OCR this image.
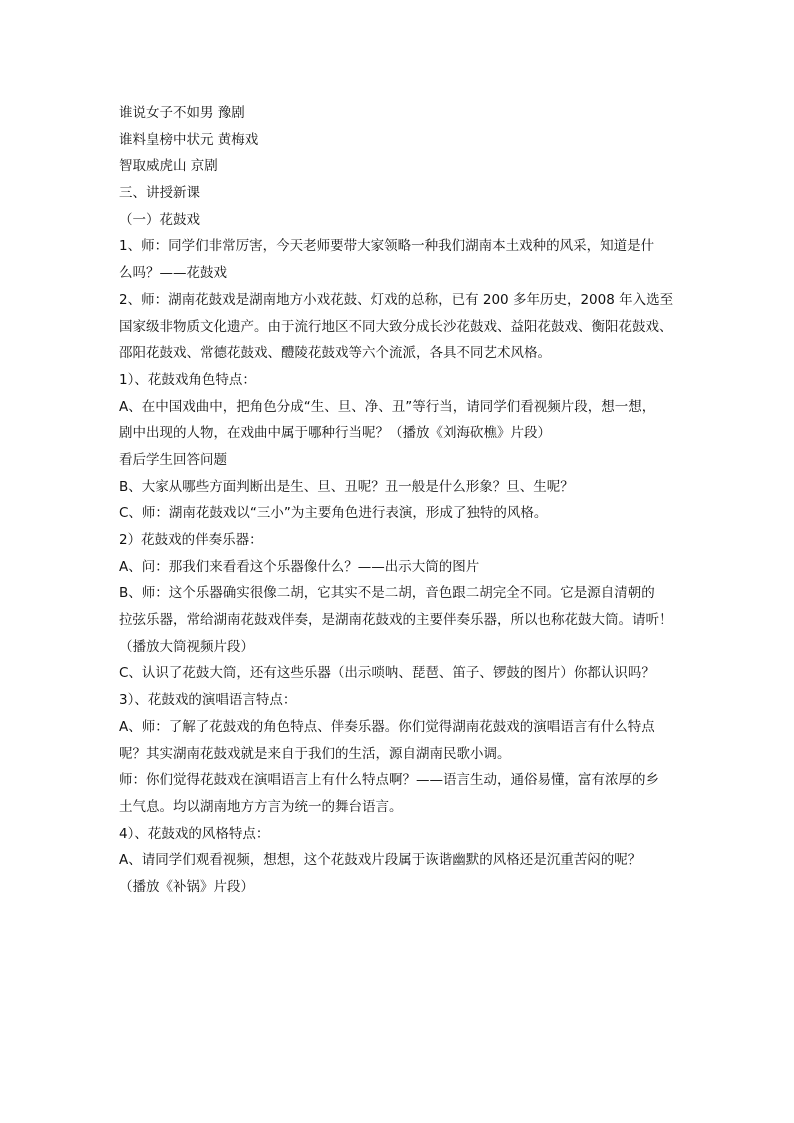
谁说女子不如男 豫剧
谁料皇榜中状元 黄梅戏
智取威虎山 京剧
三、讲授新课
（一）花鼓戏
1、师：同学们非常厉害，今天老师要带大家领略一种我们湖南本土戏种的风采，知道是什
么吗？——花鼓戏
2、师：湖南花鼓戏是湖南地方小戏花鼓、灯戏的总称，已有 200 多年历史，2008 年入选至
国家级非物质文化遗产。由于流行地区不同大致分成长沙花鼓戏、益阳花鼓戏、衡阳花鼓戏、
邵阳花鼓戏、常德花鼓戏、醴陵花鼓戏等六个流派，各具不同艺术风格。
1）、花鼓戏角色特点：
A、在中国戏曲中，把角色分成“生、旦、净、丑”等行当，请同学们看视频片段，想一想，
剧中出现的人物，在戏曲中属于哪种行当呢？（播放《刘海砍樵》片段）
看后学生回答问题
B、大家从哪些方面判断出是生、旦、丑呢？丑一般是什么形象？旦、生呢？
C、师：湖南花鼓戏以“三小”为主要角色进行表演，形成了独特的风格。
2）花鼓戏的伴奏乐器：
A、问：那我们来看看这个乐器像什么？——出示大筒的图片
B、师：这个乐器确实很像二胡，它其实不是二胡，音色跟二胡完全不同。它是源自清朝的
拉弦乐器，常给湖南花鼓戏伴奏，是湖南花鼓戏的主要伴奏乐器，所以也称花鼓大筒。请听！
（播放大筒视频片段）
C、认识了花鼓大筒，还有这些乐器（出示唢呐、琵琶、笛子、锣鼓的图片）你都认识吗？
3）、花鼓戏的演唱语言特点：
A、师：了解了花鼓戏的角色特点、伴奏乐器。你们觉得湖南花鼓戏的演唱语言有什么特点
呢？其实湖南花鼓戏就是来自于我们的生活，源自湖南民歌小调。
师：你们觉得花鼓戏在演唱语言上有什么特点啊？——语言生动，通俗易懂，富有浓厚的乡
土气息。均以湖南地方方言为统一的舞台语言。
4）、花鼓戏的风格特点：
A、请同学们观看视频，想想，这个花鼓戏片段属于诙谐幽默的风格还是沉重苦闷的呢？
（播放《补锅》片段）
